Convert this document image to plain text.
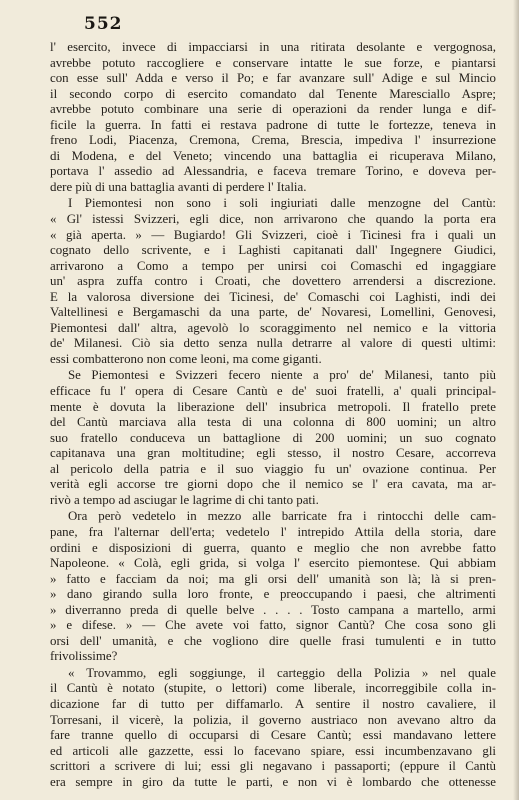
552
l' esercito, invece di impacciarsi in una ritirata desolante e vergognosa,
avrebbe potuto raccogliere e conservare intatte le sue forze, e piantarsi
con esse sull' Adda e verso il Po; e far avanzare sull' Adige e sul Mincio
il secondo corpo di esercito comandato dal Tenente Maresciallo Aspre;
avrebbe potuto combinare una serie di operazioni da render lunga e dif-
ficile la guerra. In fatti ei restava padrone di tutte le fortezze, teneva in
freno Lodi, Piacenza, Cremona, Crema, Brescia, impediva l' insurrezione
di Modena, e del Veneto; vincendo una battaglia ei ricuperava Milano,
portava l' assedio ad Alessandria, e faceva tremare Torino, e doveva per-
dere più di una battaglia avanti di perdere l' Italia.
I Piemontesi non sono i soli ingiuriati dalle menzogne del Cantù:
« Gl' istessi Svizzeri, egli dice, non arrivarono che quando la porta era
« già aperta. » — Bugiardo! Gli Svizzeri, cioè i Ticinesi fra i quali un
cognato dello scrivente, e i Laghisti capitanati dall' Ingegnere Giudici,
arrivarono a Como a tempo per unirsi coi Comaschi ed ingaggiare
un' aspra zuffa contro i Croati, che dovettero arrendersi a discrezione.
E la valorosa diversione dei Ticinesi, de' Comaschi coi Laghisti, indi dei
Valtellinesi e Bergamaschi da una parte, de' Novaresi, Lomellini, Genovesi,
Piemontesi dall' altra, agevolò lo scoraggimento nel nemico e la vittoria
de' Milanesi. Ciò sia detto senza nulla detrarre al valore di questi ultimi:
essi combatterono non come leoni, ma come giganti.
Se Piemontesi e Svizzeri fecero niente a pro' de' Milanesi, tanto più
efficace fu l' opera di Cesare Cantù e de' suoi fratelli, a' quali principal-
mente è dovuta la liberazione dell' insubrica metropoli. Il fratello prete
del Cantù marciava alla testa di una colonna di 800 uomini; un altro
suo fratello conduceva un battaglione di 200 uomini; un suo cognato
capitanava una gran moltitudine; egli stesso, il nostro Cesare, accorreva
al pericolo della patria e il suo viaggio fu un' ovazione continua. Per
verità egli accorse tre giorni dopo che il nemico se l' era cavata, ma ar-
rivò a tempo ad asciugar le lagrime di chi tanto pati.
Ora però vedetelo in mezzo alle barricate fra i rintocchi delle cam-
pane, fra l'alternar dell'erta; vedetelo l' intrepido Attila della storia, dare
ordini e disposizioni di guerra, quanto e meglio che non avrebbe fatto
Napoleone. « Colà, egli grida, si volga l' esercito piemontese. Qui abbiam
» fatto e facciam da noi; ma gli orsi dell' umanità son là; là si pren-
» dano girando sulla loro fronte, e preoccupando i paesi, che altrimenti
» diverranno preda di quelle belve . . . . Tosto campana a martello, armi
» e difese. » — Che avete voi fatto, signor Cantù? Che cosa sono gli
orsi dell' umanità, e che vogliono dire quelle frasi tumulenti e in tutto
frivolissime?
« Trovammo, egli soggiunge, il carteggio della Polizia » nel quale
il Cantù è notato (stupite, o lettori) come liberale, incorreggibile colla in-
dicazione far di tutto per diffamarlo. A sentire il nostro cavaliere, il
Torresani, il vicerè, la polizia, il governo austriaco non avevano altro da
fare tranne quello di occuparsi di Cesare Cantù; essi mandavano lettere
ed articoli alle gazzette, essi lo facevano spiare, essi incumbenzavano gli
scrittori a scrivere di lui; essi gli negavano i passaporti; (eppure il Cantù
era sempre in giro da tutte le parti, e non vi è lombardo che ottenesse
